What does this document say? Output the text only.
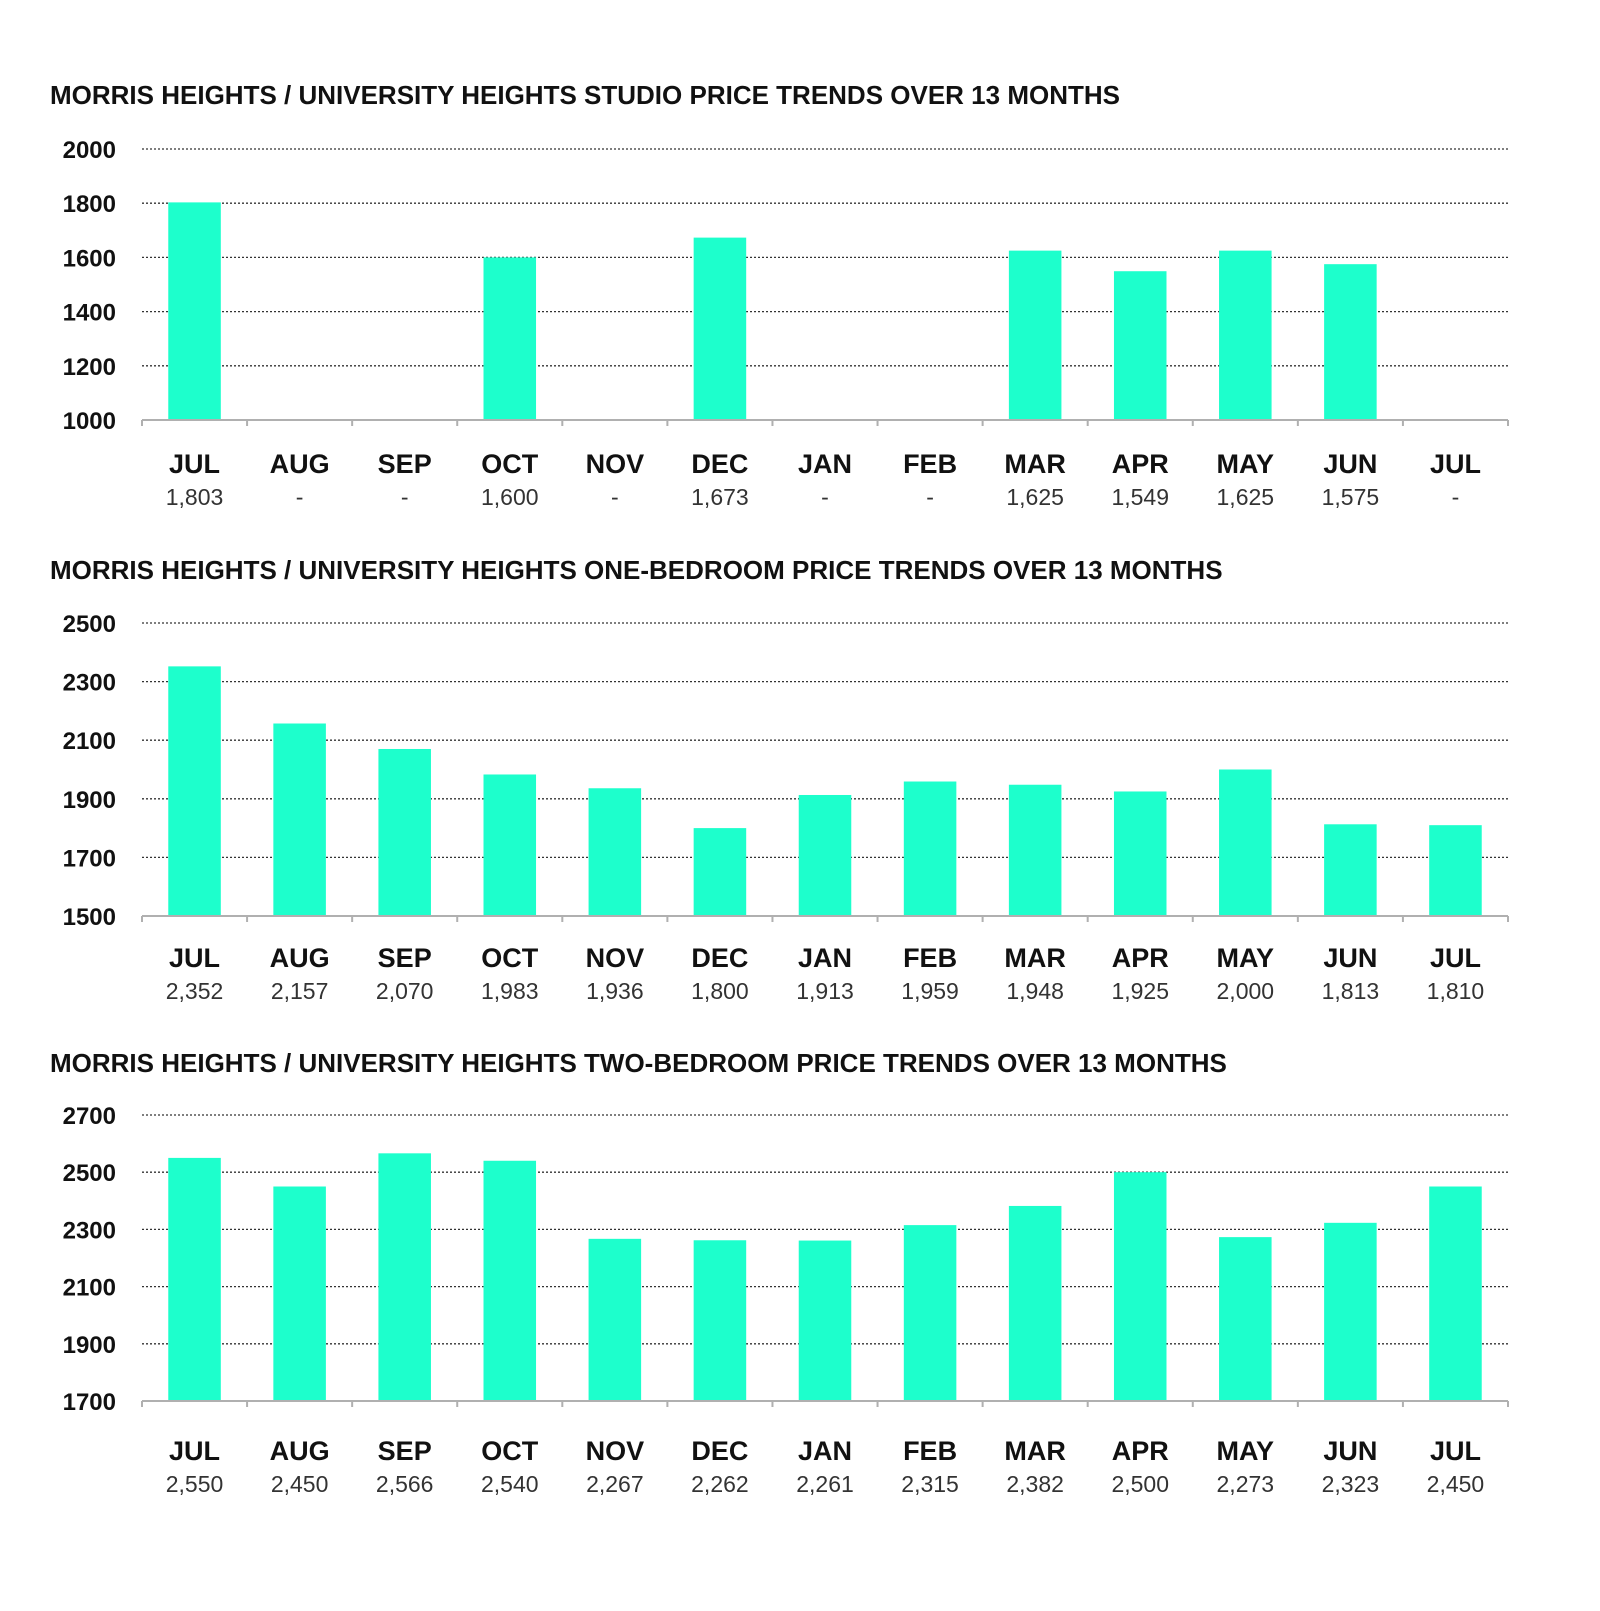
MORRIS HEIGHTS / UNIVERSITY HEIGHTS STUDIO PRICE TRENDS OVER 13 MONTHS
2000
1800
1600
1400
1200
1000
JUL
1,803
AUG
-
SEP
-
OCT
1,600
NOV
-
DEC
1,673
JAN
-
FEB
-
MAR
1,625
APR
1,549
MAY
1,625
JUN
1,575
JUL
-
MORRIS HEIGHTS / UNIVERSITY HEIGHTS ONE-BEDROOM PRICE TRENDS OVER 13 MONTHS
2500
2300
2100
1900
1700
1500
JUL
2,352
AUG
2,157
SEP
2,070
OCT
1,983
NOV
1,936
DEC
1,800
JAN
1,913
FEB
1,959
MAR
1,948
APR
1,925
MAY
2,000
JUN
1,813
JUL
1,810
MORRIS HEIGHTS / UNIVERSITY HEIGHTS TWO-BEDROOM PRICE TRENDS OVER 13 MONTHS
2700
2500
2300
2100
1900
1700
JUL
2,550
AUG
2,450
SEP
2,566
OCT
2,540
NOV
2,267
DEC
2,262
JAN
2,261
FEB
2,315
MAR
2,382
APR
2,500
MAY
2,273
JUN
2,323
JUL
2,450
